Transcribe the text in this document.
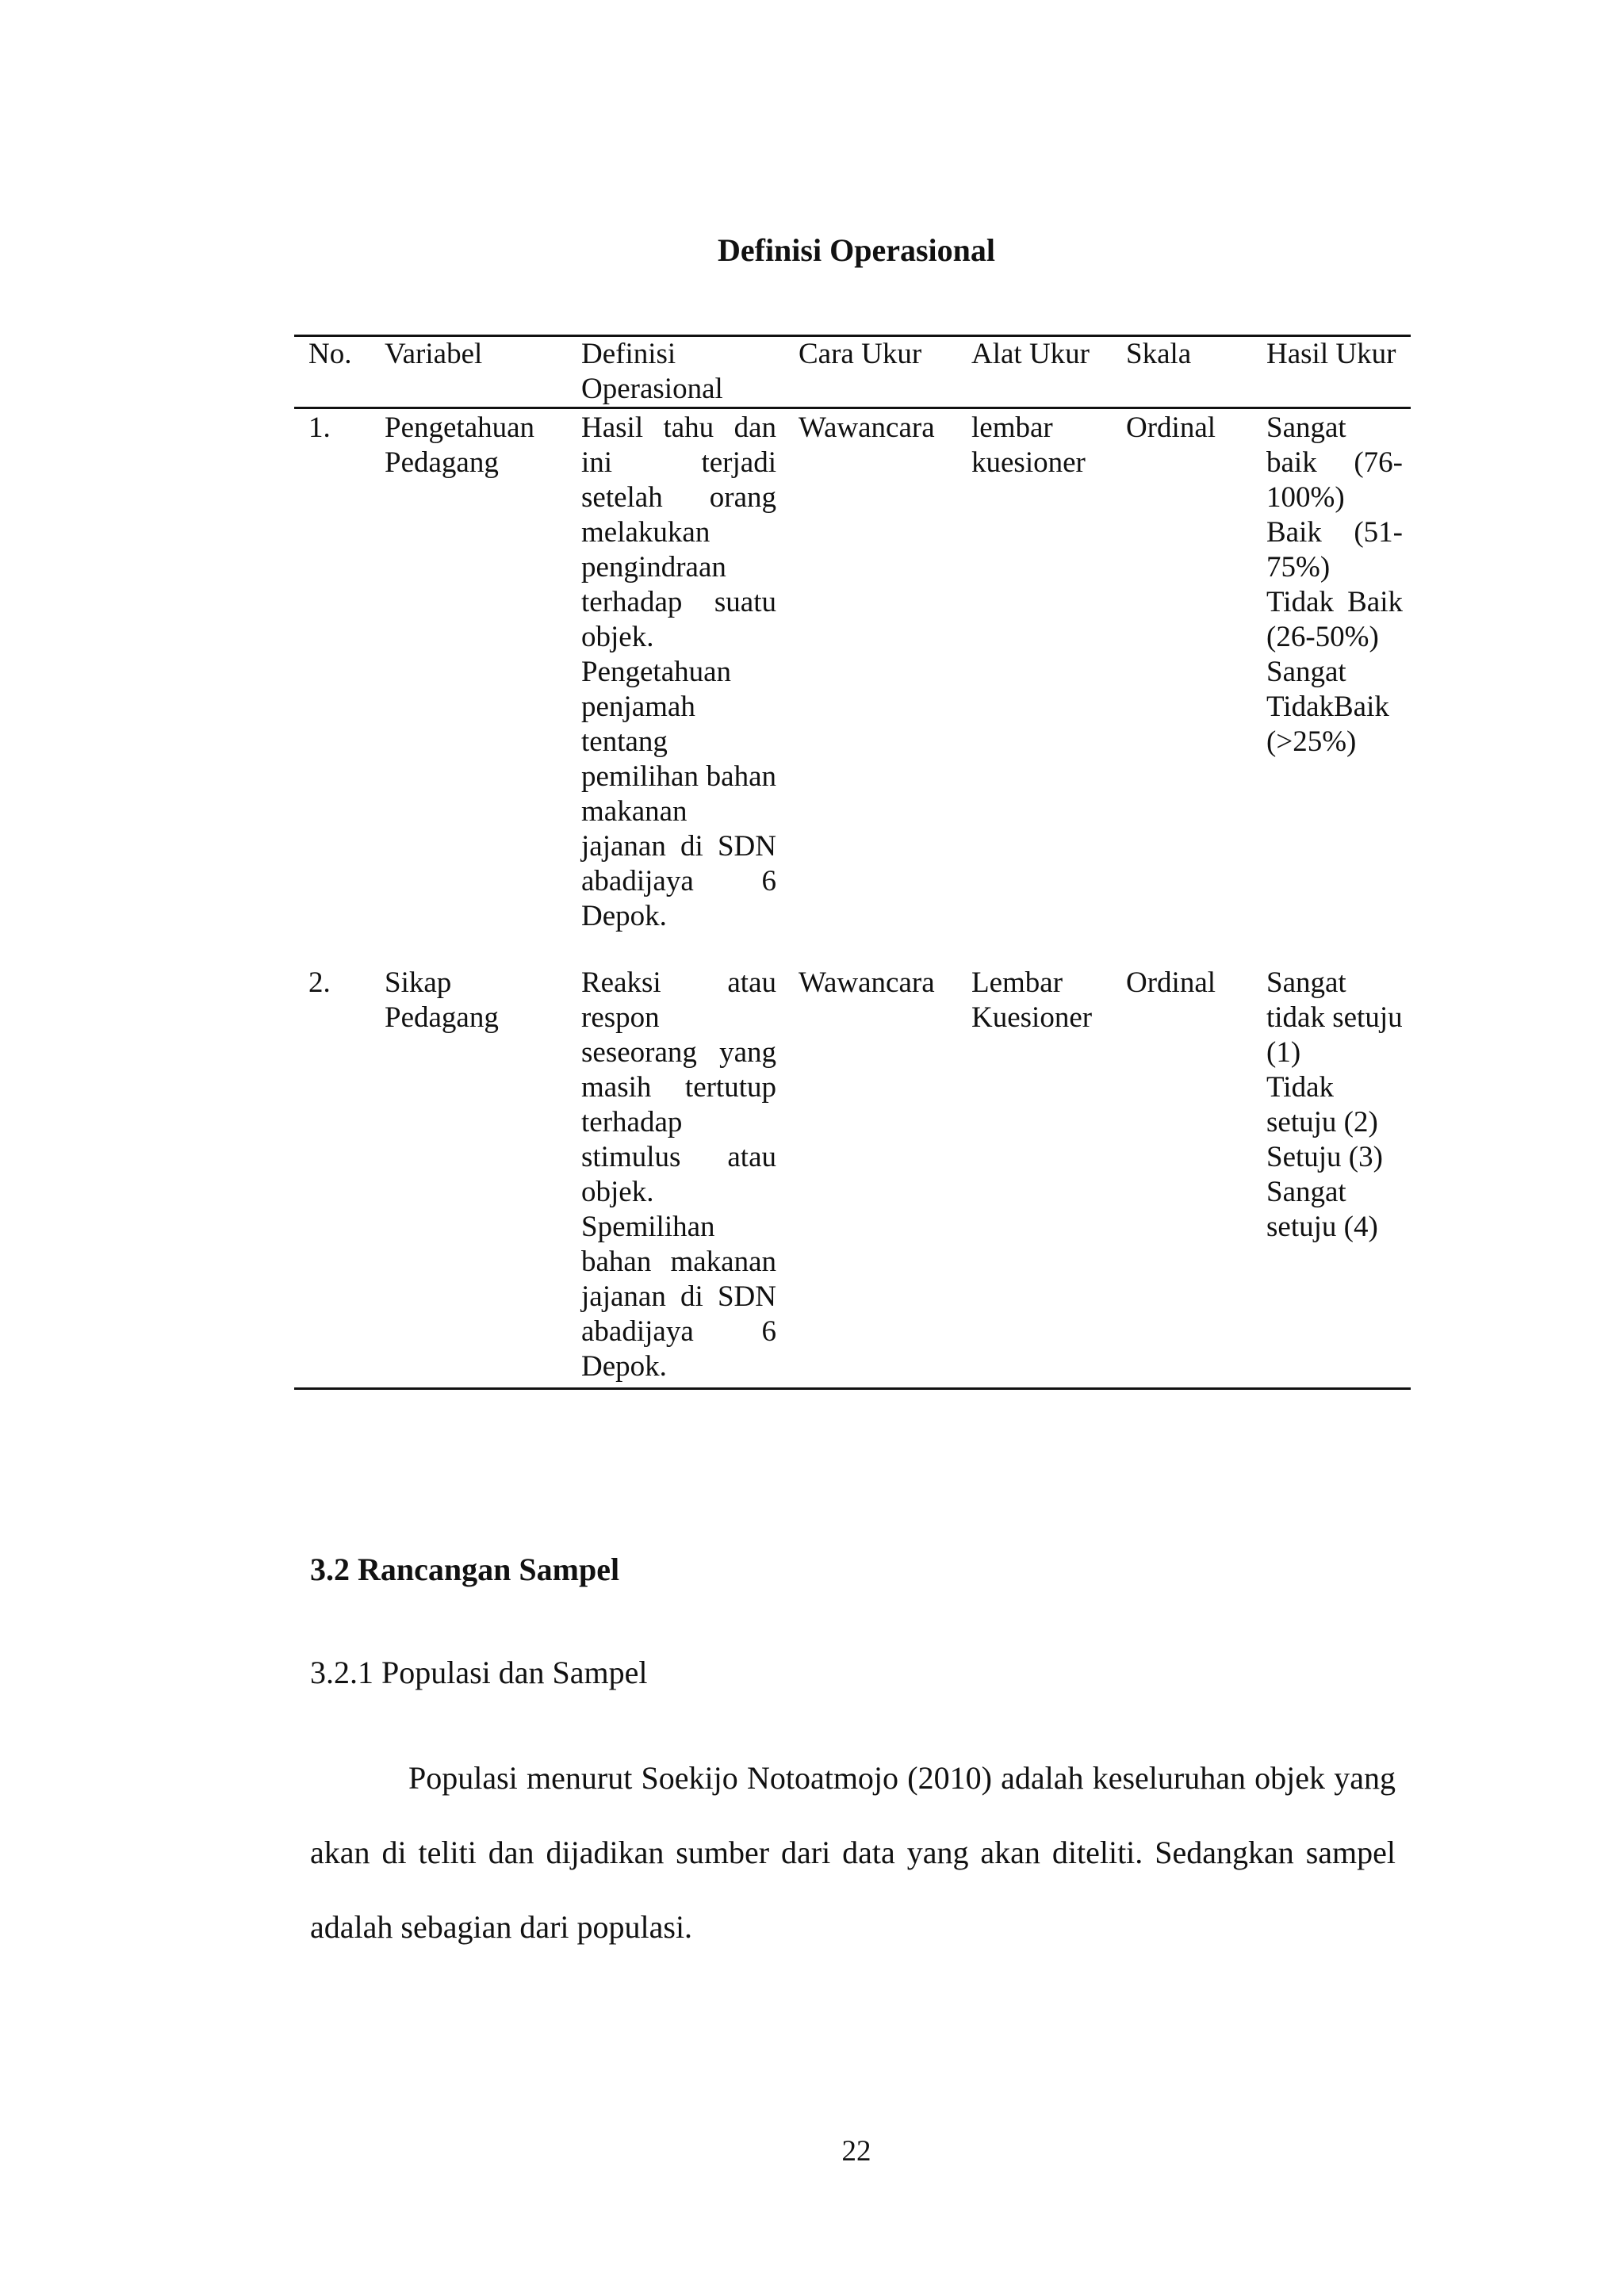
Definisi Operasional
No.	Variabel	Definisi Operasional	Cara Ukur	Alat Ukur	Skala	Hasil Ukur
1.	Pengetahuan Pedagang	Hasil tahu dan ini terjadi setelah orang melakukan pengindraan terhadap suatu objek. Pengetahuan penjamah tentang pemilihan bahan makanan jajanan di SDN abadijaya 6 Depok.	Wawancara	lembar kuesioner	Ordinal	Sangat baik (76-100%)
Baik (51-75%)
Tidak Baik (26-50%)
Sangat TidakBaik (>25%)

2.	Sikap Pedagang	Reaksi atau respon seseorang yang masih tertutup terhadap stimulus atau objek. Spemilihan bahan makanan jajanan di SDN abadijaya 6 Depok.	Wawancara	Lembar Kuesioner	Ordinal	Sangat tidak setuju (1)
Tidak setuju (2)
Setuju (3)
Sangat setuju (4)
3.2 Rancangan Sampel
3.2.1 Populasi dan Sampel

Populasi menurut Soekijo Notoatmojo (2010) adalah keseluruhan objek yang akan di teliti dan dijadikan sumber dari data yang akan diteliti. Sedangkan sampel adalah sebagian dari populasi.

22
